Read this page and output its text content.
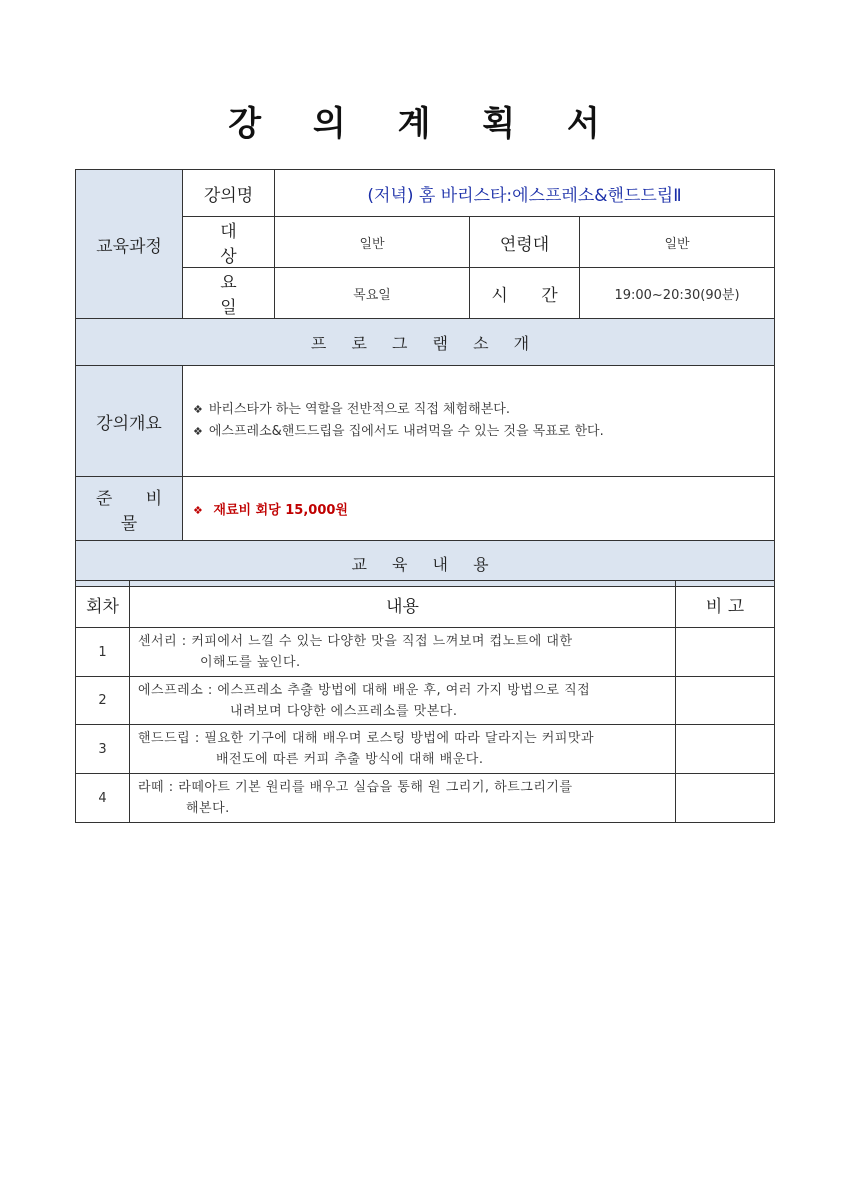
강 의 계 획 서
교육과정	강의명	(저녁) 홈 바리스타:에스프레소&핸드드립Ⅱ		
	대 상	일반	연령대	일반
	요 일	목요일	시 간	19:00~20:30(90분)
프 로 그 램 소 개				
강의개요	❖ 바리스타가 하는 역할을 전반적으로 직접 체험해본다.
❖ 에스프레소&핸드드립을 집에서도 내려먹을 수 있는 것을 목표로 한다.			

준 비 물	❖ 재료비 회당 15,000원			
교 육 내 용				
회차	내용	비 고
1	센서리 : 커피에서 느낄 수 있는 다양한 맛을 직접 느껴보며 컵노트에 대한
이해도를 높인다.	

2	에스프레소 : 에스프레소 추출 방법에 대해 배운 후, 여러 가지 방법으로 직접
내려보며 다양한 에스프레소를 맛본다.	

3	핸드드립 : 필요한 기구에 대해 배우며 로스팅 방법에 따라 달라지는 커피맛과
배전도에 따른 커피 추출 방식에 대해 배운다.	

4	라떼 : 라떼아트 기본 원리를 배우고 실습을 통해 원 그리기, 하트그리기를
해본다.	
